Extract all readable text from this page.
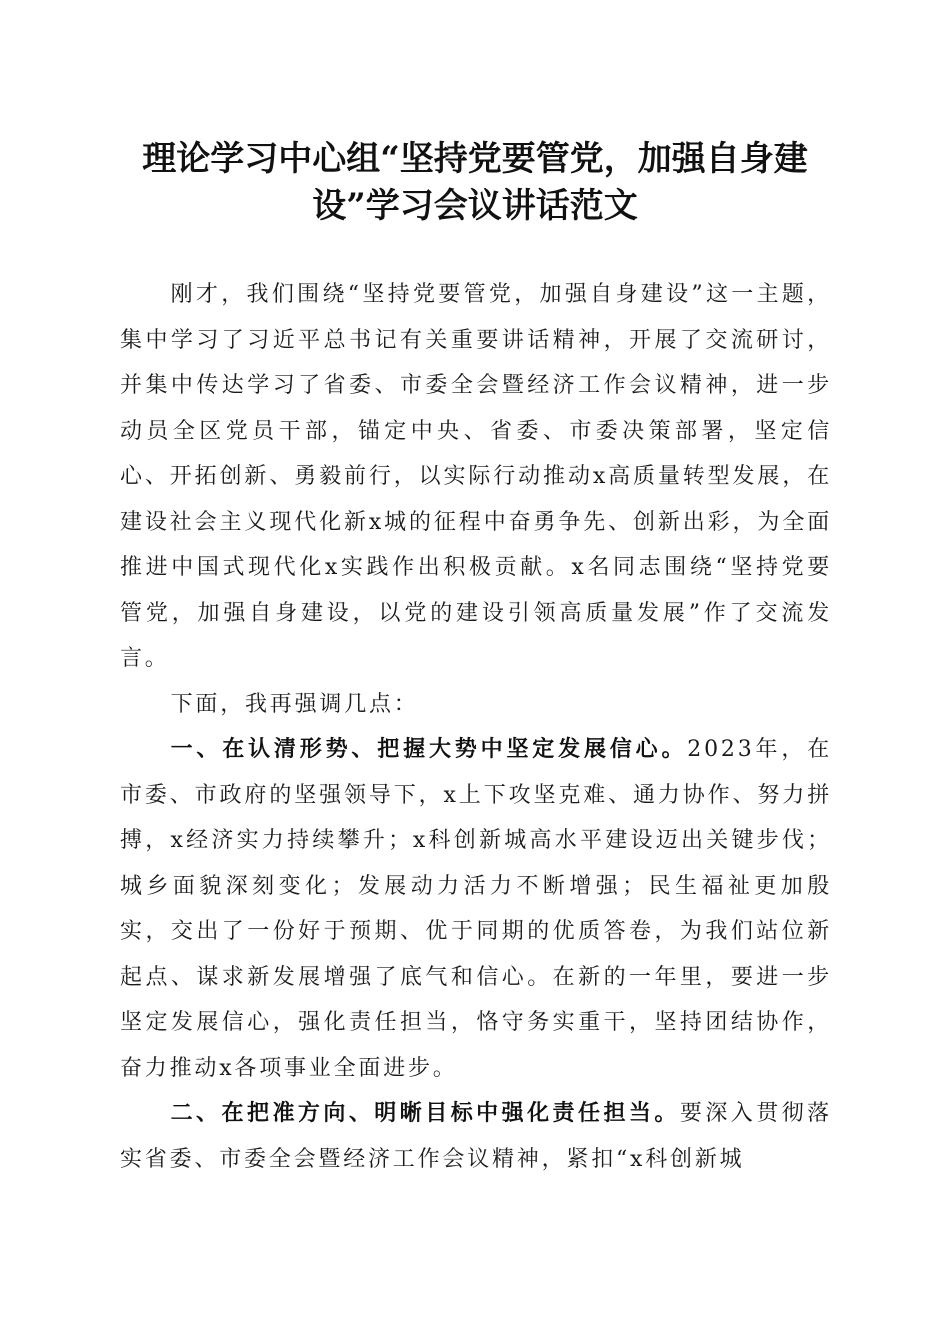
理论学习中心组“坚持党要管党，加强自身建设”学习会议讲话范文

刚才，我们围绕“坚持党要管党，加强自身建设”这一主题，集中学习了习近平总书记有关重要讲话精神，开展了交流研讨，并集中传达学习了省委、市委全会暨经济工作会议精神，进一步动员全区党员干部，锚定中央、省委、市委决策部署，坚定信心、开拓创新、勇毅前行，以实际行动推动x高质量转型发展，在建设社会主义现代化新x城的征程中奋勇争先、创新出彩，为全面推进中国式现代化x实践作出积极贡献。x名同志围绕“坚持党要管党，加强自身建设，以党的建设引领高质量发展”作了交流发言。

下面，我再强调几点：

一、在认清形势、把握大势中坚定发展信心。2023年，在市委、市政府的坚强领导下，x上下攻坚克难、通力协作、努力拼搏，x经济实力持续攀升；x科创新城高水平建设迈出关键步伐；城乡面貌深刻变化；发展动力活力不断增强；民生福祉更加殷实，交出了一份好于预期、优于同期的优质答卷，为我们站位新起点、谋求新发展增强了底气和信心。在新的一年里，要进一步坚定发展信心，强化责任担当，恪守务实重干，坚持团结协作，奋力推动x各项事业全面进步。

二、在把准方向、明晰目标中强化责任担当。要深入贯彻落实省委、市委全会暨经济工作会议精神，紧扣“x科创新城
